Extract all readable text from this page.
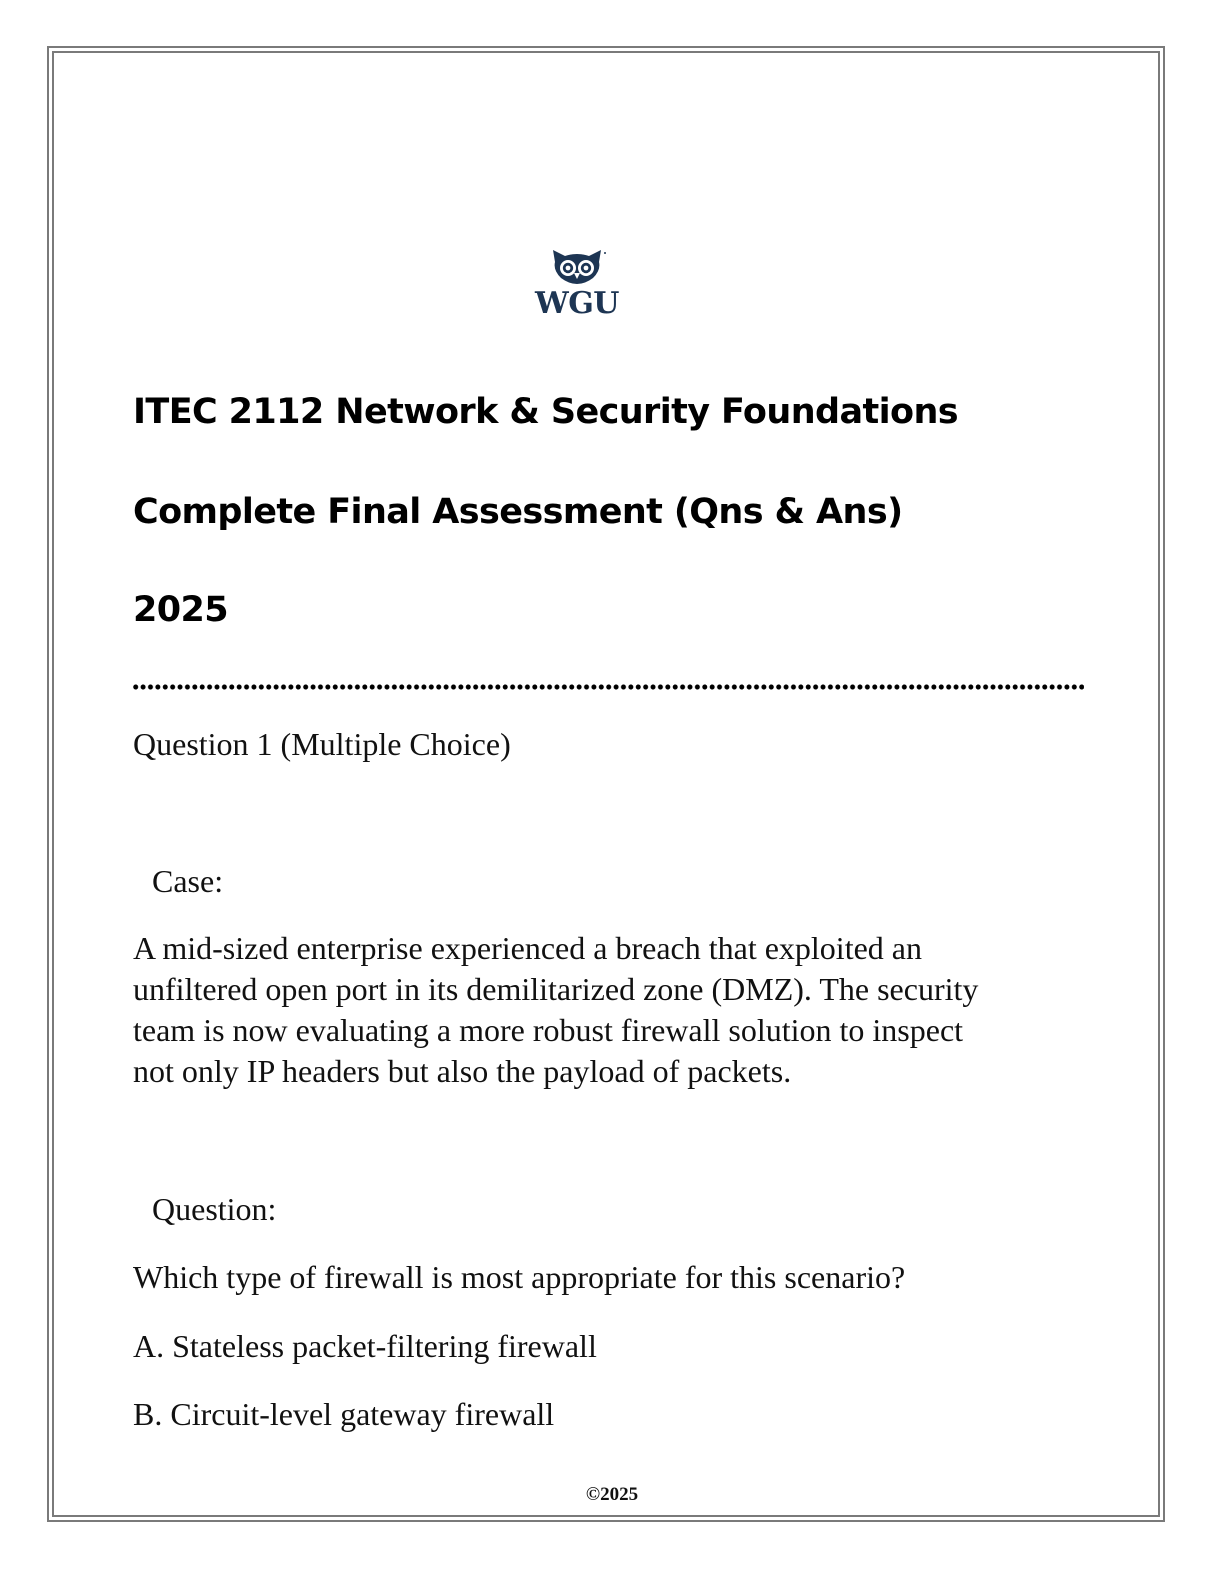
WGU
ITEC 2112 Network & Security Foundations
Complete Final Assessment (Qns & Ans)
2025
Question 1 (Multiple Choice)
Case:
A mid-sized enterprise experienced a breach that exploited an
unfiltered open port in its demilitarized zone (DMZ). The security
team is now evaluating a more robust firewall solution to inspect
not only IP headers but also the payload of packets.
Question:
Which type of firewall is most appropriate for this scenario?
A. Stateless packet-filtering firewall
B. Circuit-level gateway firewall
©2025
